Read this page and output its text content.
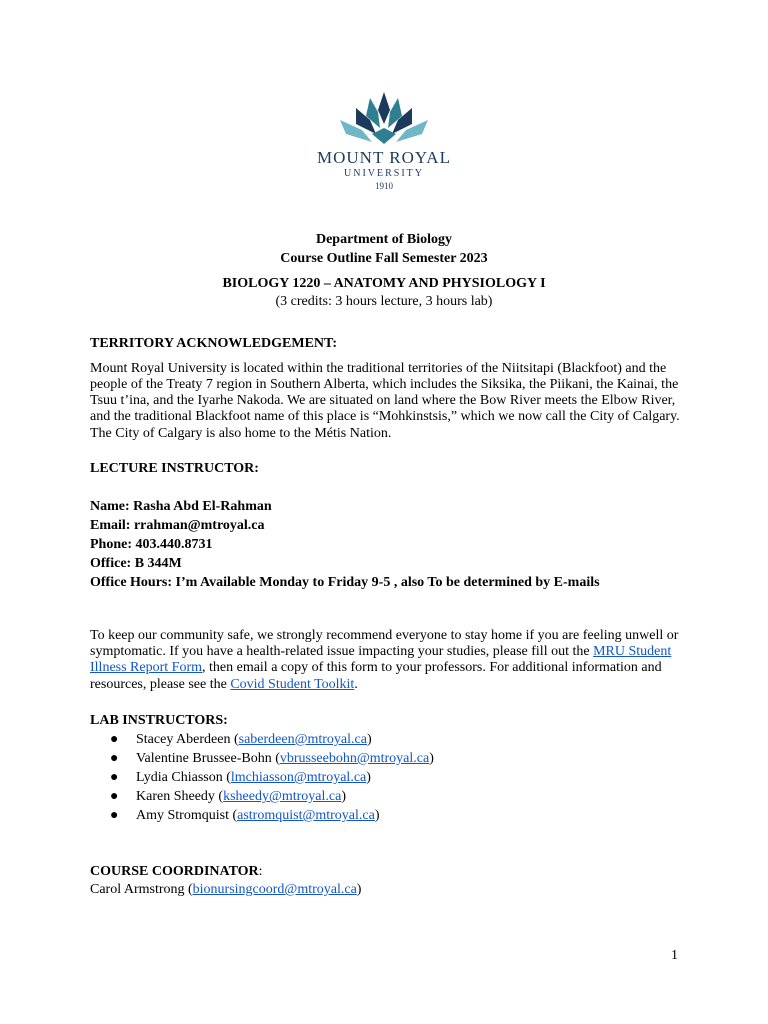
MOUNT ROYAL
UNIVERSITY
1910
Department of Biology
Course Outline Fall Semester 2023
BIOLOGY 1220 – ANATOMY AND PHYSIOLOGY I
(3 credits: 3 hours lecture, 3 hours lab)
TERRITORY ACKNOWLEDGEMENT:
Mount Royal University is located within the traditional territories of the Niitsitapi (Blackfoot) and the
people of the Treaty 7 region in Southern Alberta, which includes the Siksika, the Piikani, the Kainai, the
Tsuu t’ina, and the Iyarhe Nakoda. We are situated on land where the Bow River meets the Elbow River,
and the traditional Blackfoot name of this place is “Mohkinstsis,” which we now call the City of Calgary.
The City of Calgary is also home to the Métis Nation.
LECTURE INSTRUCTOR:
Name: Rasha Abd El-Rahman
Email: rrahman@mtroyal.ca
Phone: 403.440.8731
Office: B 344M
Office Hours: I’m Available Monday to Friday 9-5 , also To be determined by E-mails
To keep our community safe, we strongly recommend everyone to stay home if you are feeling unwell or
symptomatic. If you have a health-related issue impacting your studies, please fill out the MRU Student
Illness Report Form, then email a copy of this form to your professors. For additional information and
resources, please see the Covid Student Toolkit.
LAB INSTRUCTORS:
● Stacey Aberdeen (saberdeen@mtroyal.ca)
● Valentine Brussee-Bohn (vbrusseebohn@mtroyal.ca)
● Lydia Chiasson (lmchiasson@mtroyal.ca)
● Karen Sheedy (ksheedy@mtroyal.ca)
● Amy Stromquist (astromquist@mtroyal.ca)
COURSE COORDINATOR:
Carol Armstrong (bionursingcoord@mtroyal.ca)
1
